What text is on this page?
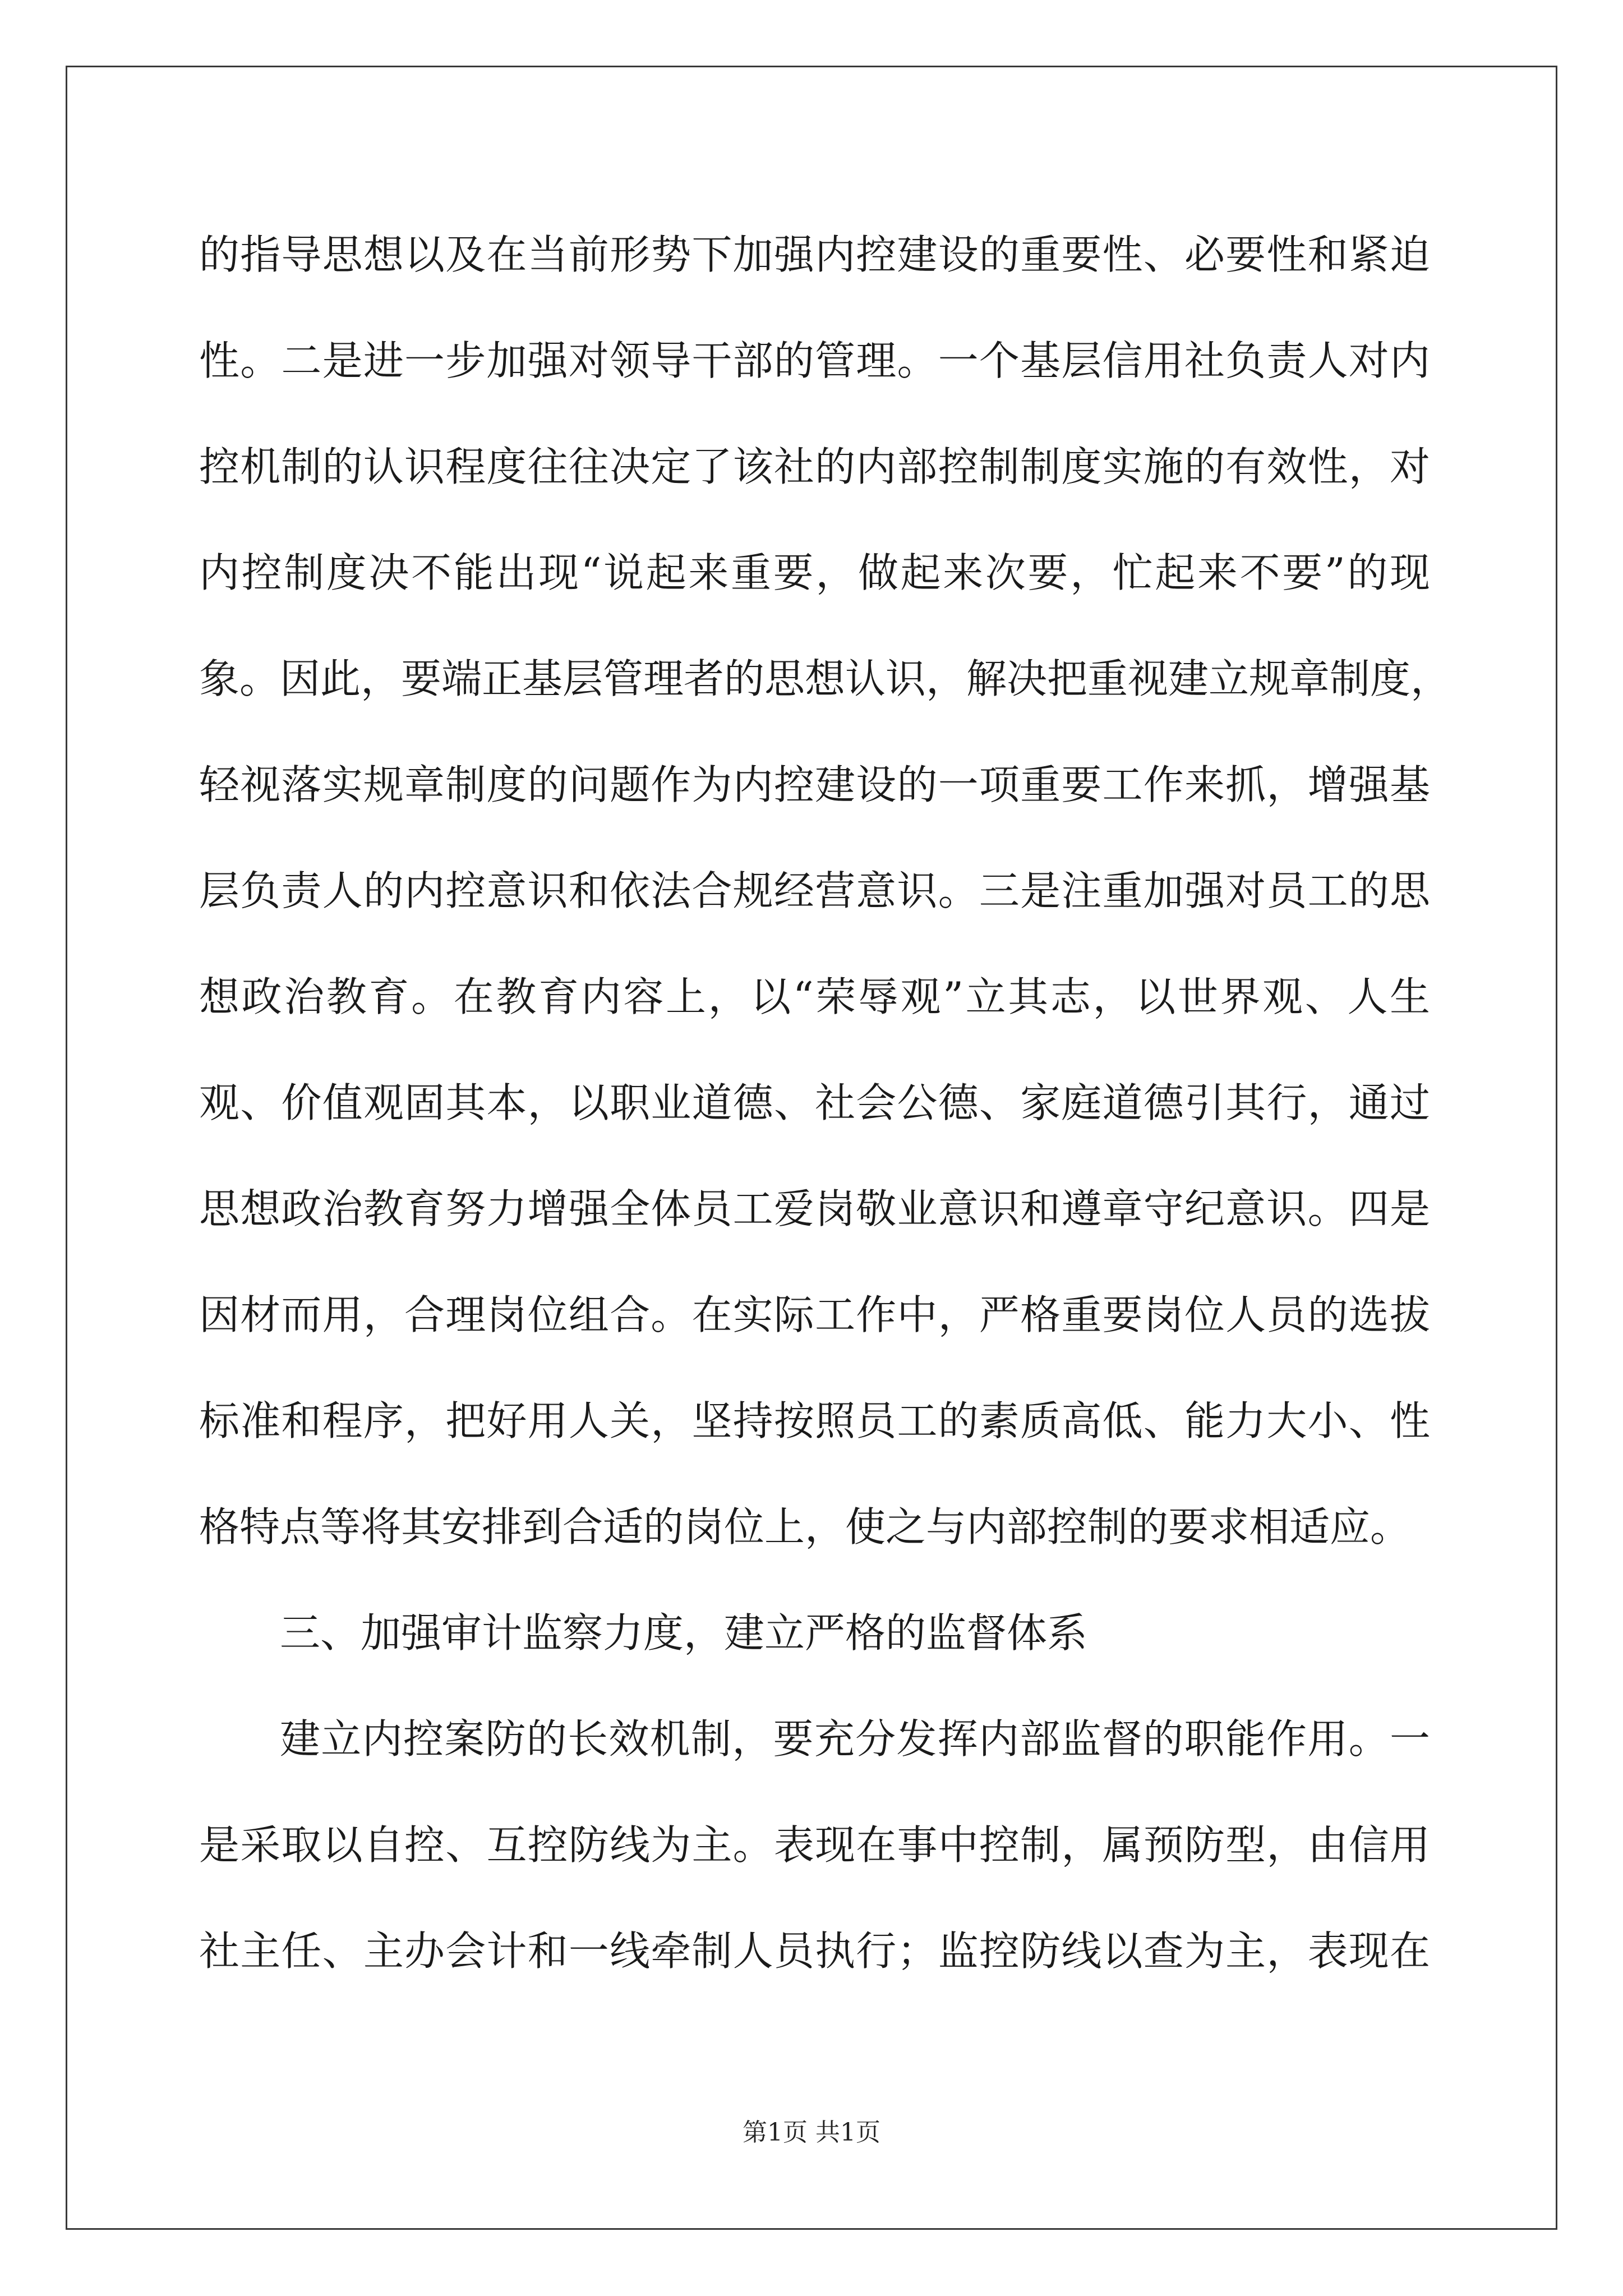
的指导思想以及在当前形势下加强内控建设的重要性、必要性和紧迫
性。二是进一步加强对领导干部的管理。一个基层信用社负责人对内
控机制的认识程度往往决定了该社的内部控制制度实施的有效性，对
内控制度决不能出现“说起来重要，做起来次要，忙起来不要”的现
象。因此，要端正基层管理者的思想认识，解决把重视建立规章制度，
轻视落实规章制度的问题作为内控建设的一项重要工作来抓，增强基
层负责人的内控意识和依法合规经营意识。三是注重加强对员工的思
想政治教育。在教育内容上，以“荣辱观”立其志，以世界观、人生
观、价值观固其本，以职业道德、社会公德、家庭道德引其行，通过
思想政治教育努力增强全体员工爱岗敬业意识和遵章守纪意识。四是
因材而用，合理岗位组合。在实际工作中，严格重要岗位人员的选拔
标准和程序，把好用人关，坚持按照员工的素质高低、能力大小、性
格特点等将其安排到合适的岗位上，使之与内部控制的要求相适应。
三、加强审计监察力度，建立严格的监督体系
建立内控案防的长效机制，要充分发挥内部监督的职能作用。一
是采取以自控、互控防线为主。表现在事中控制，属预防型，由信用
社主任、主办会计和一线牵制人员执行；监控防线以查为主，表现在
第1页 共1页
